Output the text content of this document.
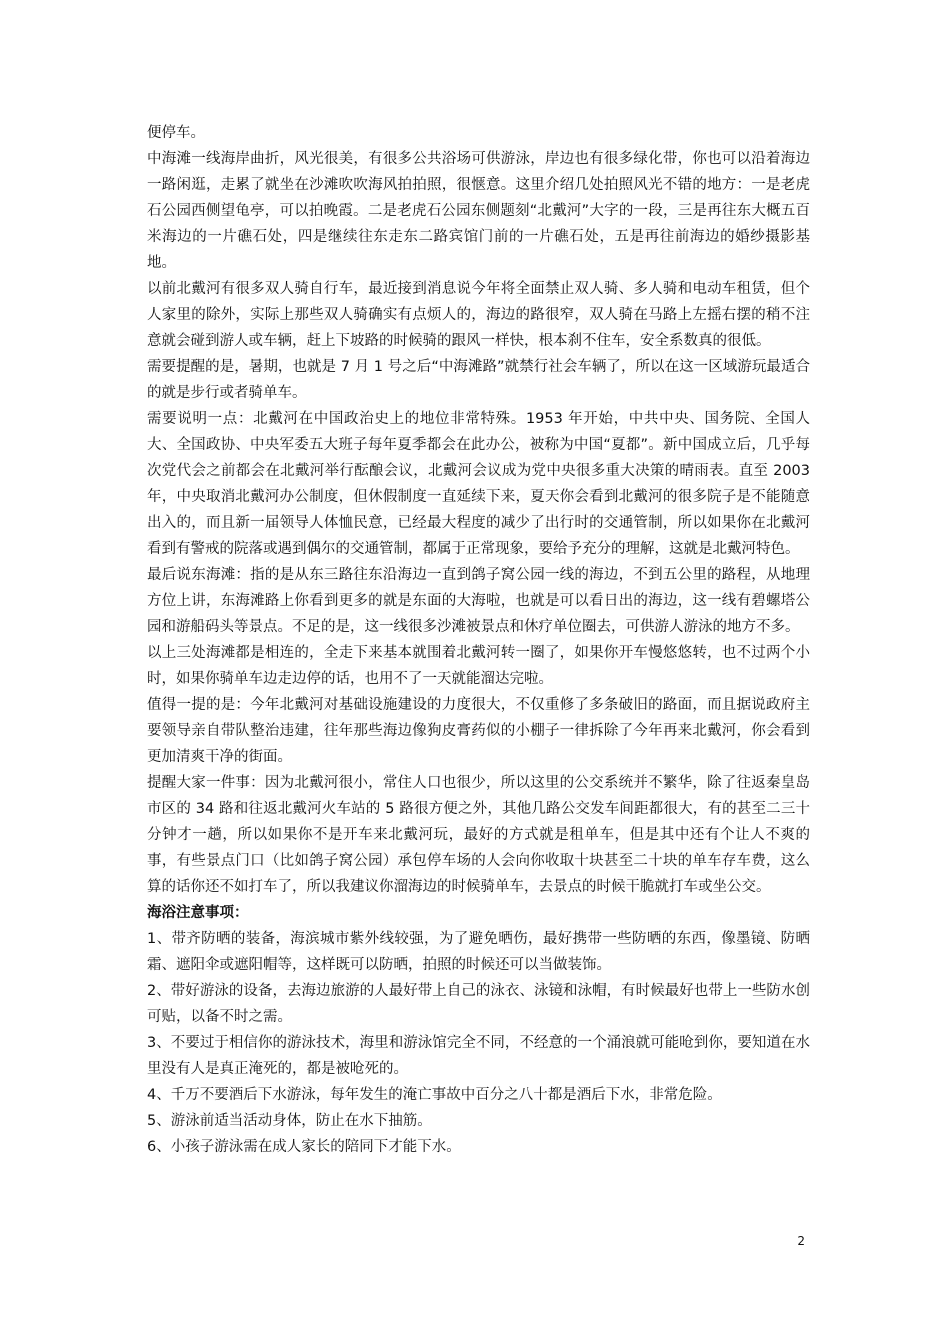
便停车。

中海滩一线海岸曲折，风光很美，有很多公共浴场可供游泳，岸边也有很多绿化带，你也可以沿着海边一路闲逛，走累了就坐在沙滩吹吹海风拍拍照，很惬意。这里介绍几处拍照风光不错的地方：一是老虎石公园西侧望龟亭，可以拍晚霞。二是老虎石公园东侧题刻“北戴河”大字的一段，三是再往东大概五百米海边的一片礁石处，四是继续往东走东二路宾馆门前的一片礁石处，五是再往前海边的婚纱摄影基地。

以前北戴河有很多双人骑自行车，最近接到消息说今年将全面禁止双人骑、多人骑和电动车租赁，但个人家里的除外，实际上那些双人骑确实有点烦人的，海边的路很窄，双人骑在马路上左摇右摆的稍不注意就会碰到游人或车辆，赶上下坡路的时候骑的跟风一样快，根本刹不住车，安全系数真的很低。

需要提醒的是，暑期，也就是 7 月 1 号之后“中海滩路”就禁行社会车辆了，所以在这一区域游玩最适合的就是步行或者骑单车。

需要说明一点：北戴河在中国政治史上的地位非常特殊。1953 年开始，中共中央、国务院、全国人大、全国政协、中央军委五大班子每年夏季都会在此办公，被称为中国“夏都”。新中国成立后，几乎每次党代会之前都会在北戴河举行酝酿会议，北戴河会议成为党中央很多重大决策的晴雨表。直至 2003 年，中央取消北戴河办公制度，但休假制度一直延续下来，夏天你会看到北戴河的很多院子是不能随意出入的，而且新一届领导人体恤民意，已经最大程度的减少了出行时的交通管制，所以如果你在北戴河看到有警戒的院落或遇到偶尔的交通管制，都属于正常现象，要给予充分的理解，这就是北戴河特色。

最后说东海滩：指的是从东三路往东沿海边一直到鸽子窝公园一线的海边，不到五公里的路程，从地理方位上讲，东海滩路上你看到更多的就是东面的大海啦，也就是可以看日出的海边，这一线有碧螺塔公园和游船码头等景点。不足的是，这一线很多沙滩被景点和休疗单位圈去，可供游人游泳的地方不多。

以上三处海滩都是相连的，全走下来基本就围着北戴河转一圈了，如果你开车慢悠悠转，也不过两个小时，如果你骑单车边走边停的话，也用不了一天就能溜达完啦。

值得一提的是：今年北戴河对基础设施建设的力度很大，不仅重修了多条破旧的路面，而且据说政府主要领导亲自带队整治违建，往年那些海边像狗皮膏药似的小棚子一律拆除了今年再来北戴河，你会看到更加清爽干净的街面。

提醒大家一件事：因为北戴河很小，常住人口也很少，所以这里的公交系统并不繁华，除了往返秦皇岛市区的 34 路和往返北戴河火车站的 5 路很方便之外，其他几路公交发车间距都很大，有的甚至二三十分钟才一趟，所以如果你不是开车来北戴河玩，最好的方式就是租单车，但是其中还有个让人不爽的事，有些景点门口（比如鸽子窝公园）承包停车场的人会向你收取十块甚至二十块的单车存车费，这么算的话你还不如打车了，所以我建议你溜海边的时候骑单车，去景点的时候干脆就打车或坐公交。

海浴注意事项：

1、带齐防晒的装备，海滨城市紫外线较强，为了避免晒伤，最好携带一些防晒的东西，像墨镜、防晒霜、遮阳伞或遮阳帽等，这样既可以防晒，拍照的时候还可以当做装饰。

2、带好游泳的设备，去海边旅游的人最好带上自己的泳衣、泳镜和泳帽，有时候最好也带上一些防水创可贴，以备不时之需。

3、不要过于相信你的游泳技术，海里和游泳馆完全不同，不经意的一个涌浪就可能呛到你，要知道在水里没有人是真正淹死的，都是被呛死的。

4、千万不要酒后下水游泳，每年发生的淹亡事故中百分之八十都是酒后下水，非常危险。

5、游泳前适当活动身体，防止在水下抽筋。

6、小孩子游泳需在成人家长的陪同下才能下水。

2
